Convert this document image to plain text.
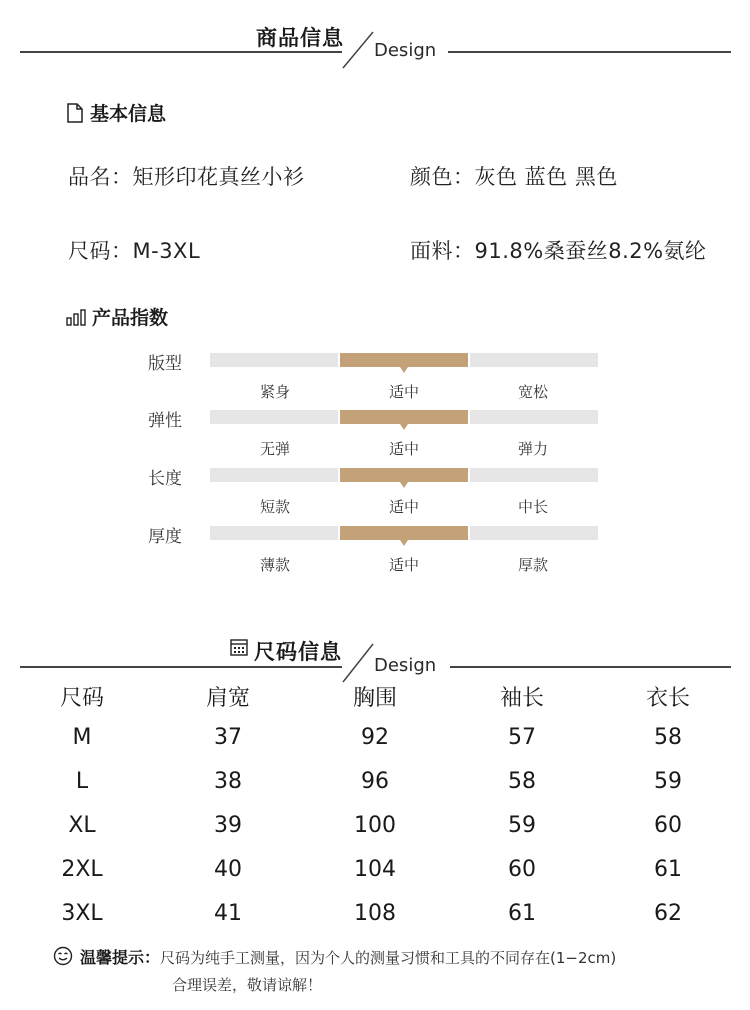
商品信息
Design
基本信息
品名：矩形印花真丝小衫	颜色：灰色 蓝色 黑色
尺码：M-3XL	面料：91.8%桑蚕丝8.2%氨纶
产品指数
版型
紧身	适中	宽松
弹性
无弹	适中	弹力
长度
短款	适中	中长
厚度
薄款	适中	厚款
尺码信息
Design
尺码	肩宽	胸围	袖长	衣长
M	37	92	57	58
L	38	96	58	59
XL	39	100	59	60
2XL	40	104	60	61
3XL	41	108	61	62
温馨提示：尺码为纯手工测量，因为个人的测量习惯和工具的不同存在(1−2cm)
合理误差，敬请谅解！
